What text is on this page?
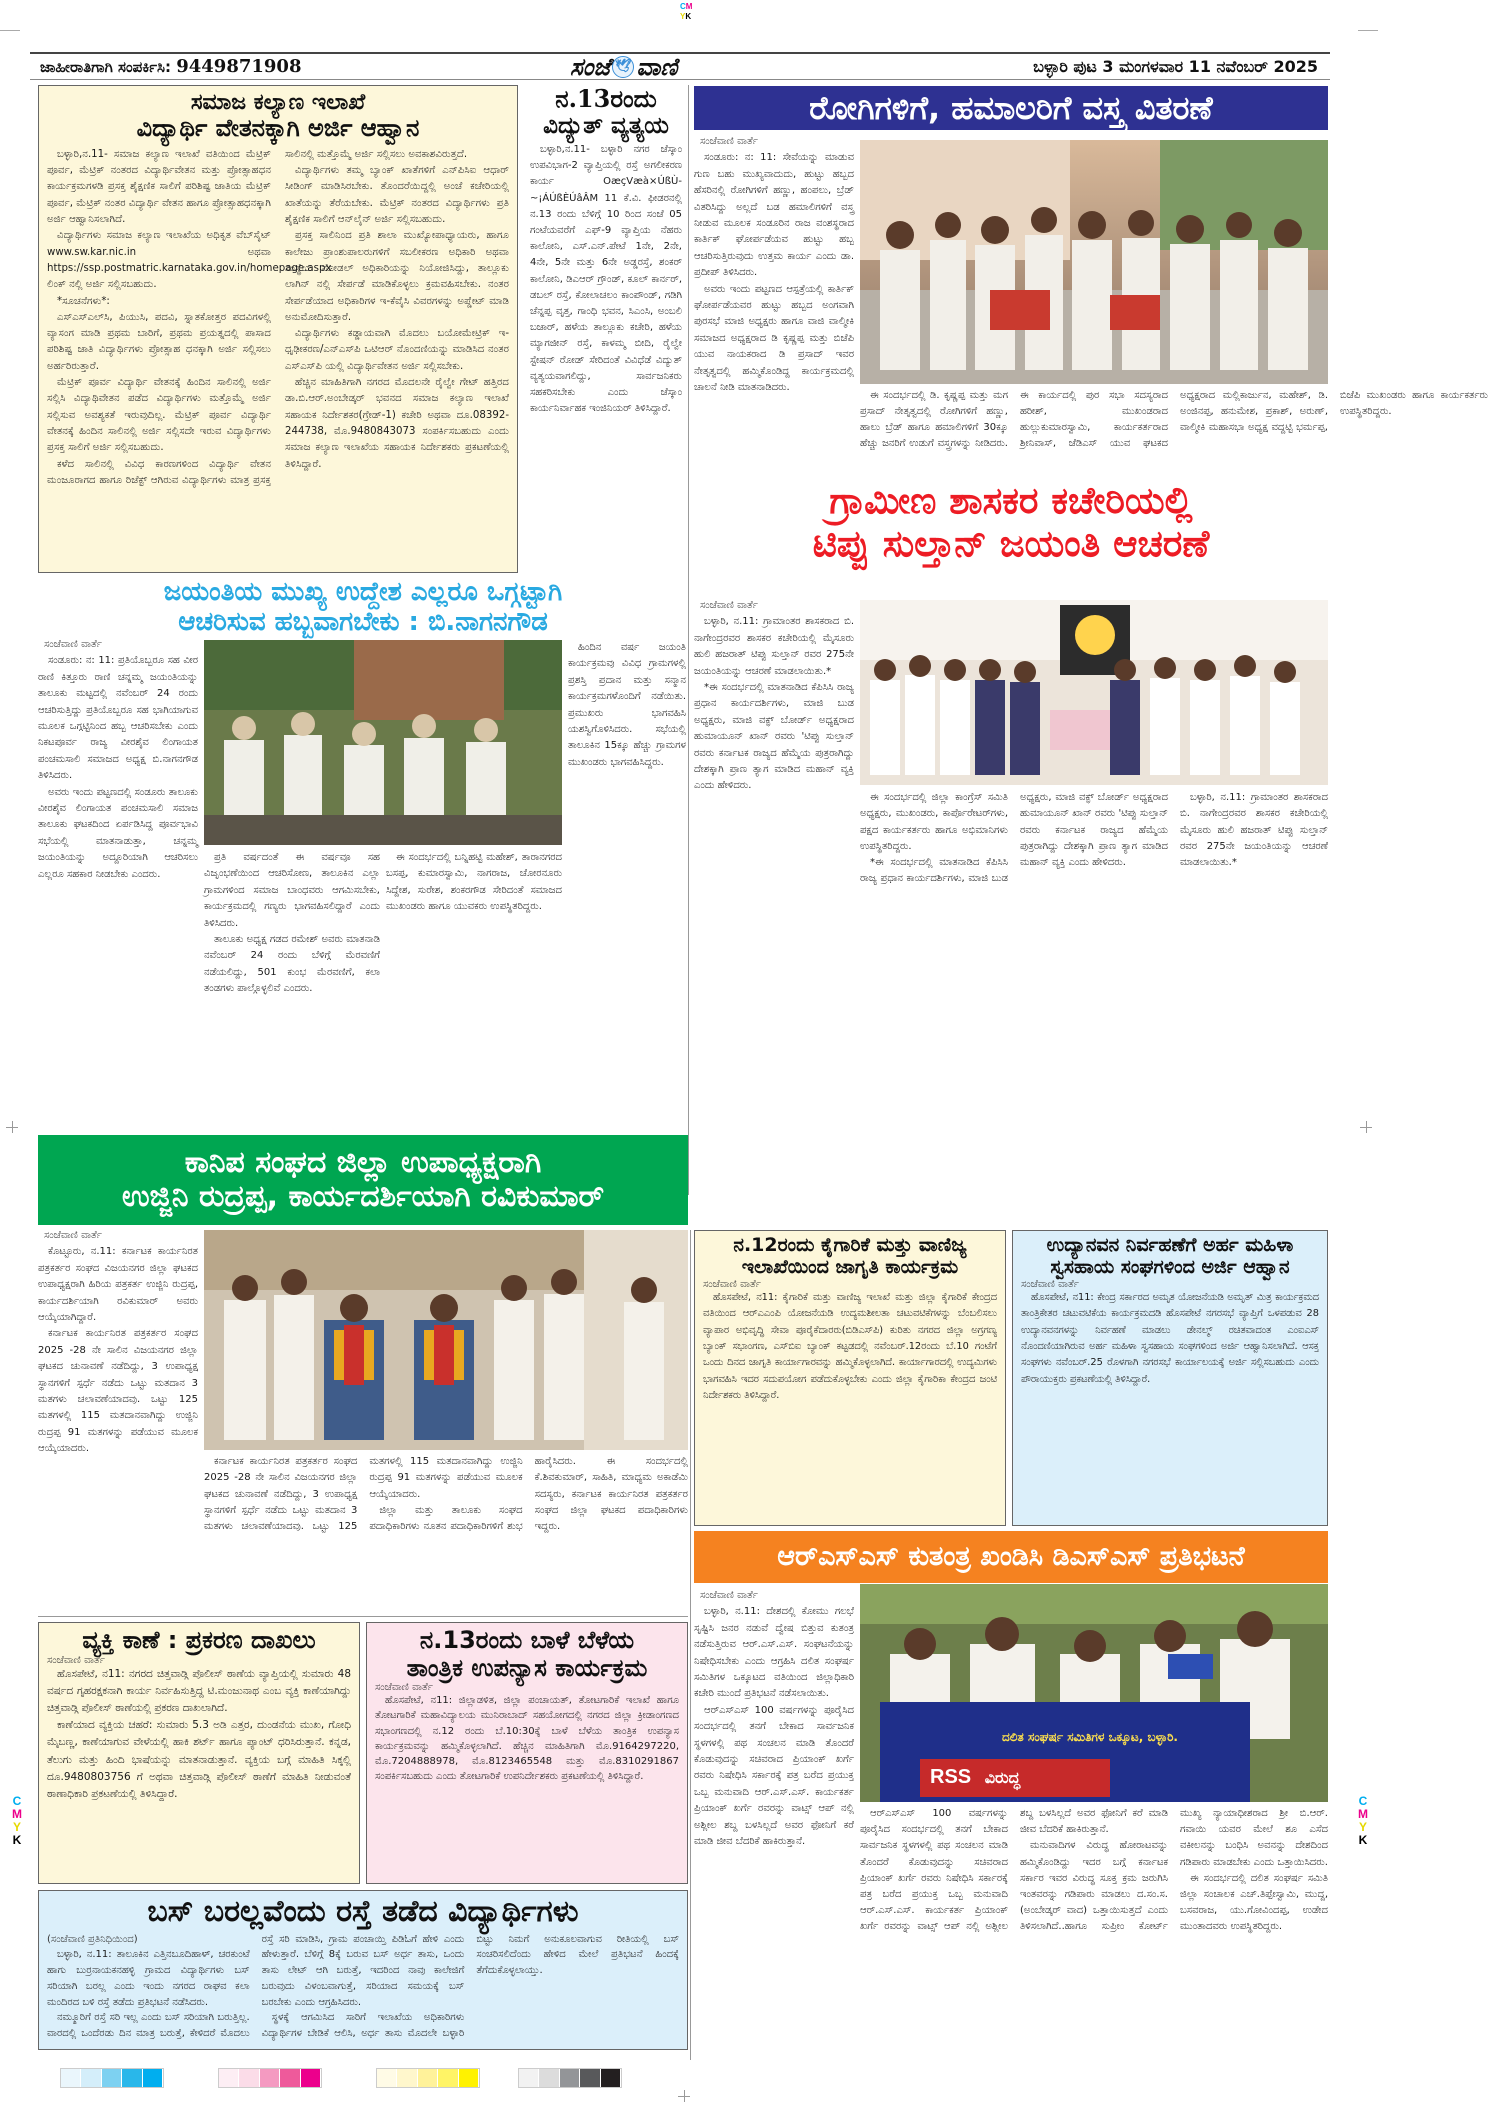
CM
YK
C
M
Y
K
C
M
Y
K
ಜಾಹೀರಾತಿಗಾಗಿ ಸಂಪರ್ಕಿಸಿ: 9449871908	ಸಂಜೆ 🕊 ವಾಣಿ	ಬಳ್ಳಾರಿ ಪುಟ 3 ಮಂಗಳವಾರ 11 ನವೆಂಬರ್ 2025
ಸಮಾಜ ಕಲ್ಯಾಣ ಇಲಾಖೆ
ವಿದ್ಯಾರ್ಥಿ ವೇತನಕ್ಕಾಗಿ ಅರ್ಜಿ ಆಹ್ವಾನ

ಬಳ್ಳಾರಿ,ನ.11- ಸಮಾಜ ಕಲ್ಯಾಣ ಇಲಾಖೆ ವತಿಯಿಂದ ಮೆಟ್ರಿಕ್ ಪೂರ್ವ, ಮೆಟ್ರಿಕ್ ನಂತರದ ವಿದ್ಯಾರ್ಥಿವೇತನ ಮತ್ತು ಪ್ರೋತ್ಸಾಹಧನ ಕಾರ್ಯಕ್ರಮಗಳಡಿ ಪ್ರಸಕ್ತ ಶೈಕ್ಷಣಿಕ ಸಾಲಿಗೆ ಪರಿಶಿಷ್ಟ ಜಾತಿಯ ಮೆಟ್ರಿಕ್ ಪೂರ್ವ, ಮೆಟ್ರಿಕ್ ನಂತರ ವಿದ್ಯಾರ್ಥಿ ವೇತನ ಹಾಗೂ ಪ್ರೋತ್ಸಾಹಧನಕ್ಕಾಗಿ ಅರ್ಜಿ ಆಹ್ವಾನಿಸಲಾಗಿದೆ.

ವಿದ್ಯಾರ್ಥಿಗಳು ಸಮಾಜ ಕಲ್ಯಾಣ ಇಲಾಖೆಯ ಅಧಿಕೃತ ವೆಬ್‌ಸೈಟ್ www.sw.kar.nic.in ಅಥವಾ https://ssp.postmatric.karnataka.gov.in/homepage.aspx ಲಿಂಕ್ ನಲ್ಲಿ ಅರ್ಜಿ ಸಲ್ಲಿಸಬಹುದು.

*ಸೂಚನೆಗಳು*:

ಎಸ್‌ಎಸ್‌ಎಲ್‌ಸಿ, ಪಿಯುಸಿ, ಪದವಿ, ಸ್ನಾತಕೋತ್ತರ ಪದವಿಗಳಲ್ಲಿ ವ್ಯಾಸಂಗ ಮಾಡಿ ಪ್ರಥಮ ಬಾರಿಗೆ, ಪ್ರಥಮ ಪ್ರಯತ್ನದಲ್ಲಿ ಪಾಸಾದ ಪರಿಶಿಷ್ಟ ಜಾತಿ ವಿದ್ಯಾರ್ಥಿಗಳು ಪ್ರೋತ್ಸಾಹ ಧನಕ್ಕಾಗಿ ಅರ್ಜಿ ಸಲ್ಲಿಸಲು ಅರ್ಹರಿರುತ್ತಾರೆ.

ಮೆಟ್ರಿಕ್ ಪೂರ್ವ ವಿದ್ಯಾರ್ಥಿ ವೇತನಕ್ಕೆ ಹಿಂದಿನ ಸಾಲಿನಲ್ಲಿ ಅರ್ಜಿ ಸಲ್ಲಿಸಿ ವಿದ್ಯಾಥಿವೇತನ ಪಡೆದ ವಿದ್ಯಾರ್ಥಿಗಳು ಮತ್ತೊಮ್ಮೆ ಅರ್ಜಿ ಸಲ್ಲಿಸುವ ಅವಶ್ಯಕತೆ ಇರುವುದಿಲ್ಲ. ಮೆಟ್ರಿಕ್ ಪೂರ್ವ ವಿದ್ಯಾರ್ಥಿ ವೇತನಕ್ಕೆ ಹಿಂದಿನ ಸಾಲಿನಲ್ಲಿ ಅರ್ಜಿ ಸಲ್ಲಿಸದೇ ಇರುವ ವಿದ್ಯಾರ್ಥಿಗಳು ಪ್ರಸಕ್ತ ಸಾಲಿಗೆ ಅರ್ಜಿ ಸಲ್ಲಿಸಬಹುದು.

ಕಳೆದ ಸಾಲಿನಲ್ಲಿ ವಿವಿಧ ಕಾರಣಗಳಿಂದ ವಿದ್ಯಾರ್ಥಿ ವೇತನ ಮಂಜೂರಾಗದ ಹಾಗೂ ರಿಜೆಕ್ಟ್ ಆಗಿರುವ ವಿದ್ಯಾರ್ಥಿಗಳು ಮಾತ್ರ ಪ್ರಸಕ್ತ ಸಾಲಿನಲ್ಲಿ ಮತ್ತೊಮ್ಮೆ ಅರ್ಜಿ ಸಲ್ಲಿಸಲು ಅವಕಾಶವಿರುತ್ತದೆ.

ವಿದ್ಯಾರ್ಥಿಗಳು ತಮ್ಮ ಬ್ಯಾಂಕ್ ಖಾತೆಗಳಿಗೆ ಎನ್‌ಪಿಸಿಐ ಆಧಾರ್ ಸೀಡಿಂಗ್ ಮಾಡಿಸಿರಬೇಕು. ತೊಂದರೆಯಿದ್ದಲ್ಲಿ ಅಂಚೆ ಕಚೇರಿಯಲ್ಲಿ ಖಾತೆಯನ್ನು ತೆರೆಯಬೇಕು. ಮೆಟ್ರಿಕ್ ನಂತರದ ವಿದ್ಯಾರ್ಥಿಗಳು ಪ್ರತಿ ಶೈಕ್ಷಣಿಕ ಸಾಲಿಗೆ ಆನ್‌ಲೈನ್ ಅರ್ಜಿ ಸಲ್ಲಿಸಬಹುದು.

ಪ್ರಸಕ್ತ ಸಾಲಿನಿಂದ ಪ್ರತಿ ಶಾಲಾ ಮುಖ್ಯೋಪಾಧ್ಯಾಯರು, ಹಾಗೂ ಕಾಲೇಜು ಪ್ರಾಂಶುಪಾಲರುಗಳಿಗೆ ಸಬಲೀಕರಣ ಅಧಿಕಾರಿ ಅಥವಾ ಸಂಸ್ಥೆಯ ನೋಡಲ್ ಅಧಿಕಾರಿಯನ್ನು ನಿಯೋಜಿಸಿದ್ದು, ತಾಲ್ಲೂಕು ಲಾಗಿನ್ ನಲ್ಲಿ ಸೇರ್ಪಡೆ ಮಾಡಿಕೊಳ್ಳಲು ಕ್ರಮವಹಿಸಬೇಕು. ನಂತರ ಸೇರ್ಪಡೆಯಾದ ಅಧಿಕಾರಿಗಳ ಇ-ಕೆವೈಸಿ ವಿವರಗಳನ್ನು ಅಪ್ಡೇಟ್ ಮಾಡಿ ಅನುಮೋದಿಸುತ್ತಾರೆ.

ವಿದ್ಯಾರ್ಥಿಗಳು ಕಡ್ಡಾಯವಾಗಿ ಮೊದಲು ಬಯೋಮೇಟ್ರಿಕ್ ಇ-ಧೃಢೀಕರಣ/ಎನ್‌ಎಸ್‌ಪಿ ಒಟಿಆರ್ ನೊಂದಣಿಯನ್ನು ಮಾಡಿಸಿದ ನಂತರ ಎಸ್‌ಎಸ್‌ಪಿ ಯಲ್ಲಿ ವಿದ್ಯಾರ್ಥಿವೇತನ ಅರ್ಜಿ ಸಲ್ಲಿಸಬೇಕು.

ಹೆಚ್ಚಿನ ಮಾಹಿತಿಗಾಗಿ ನಗರದ ಮೊದಲನೇ ರೈಲ್ವೇ ಗೇಟ್ ಹತ್ತಿರದ ಡಾ.ಬಿ.ಆರ್.ಅಂಬೇಡ್ಕರ್ ಭವನದ ಸಮಾಜ ಕಲ್ಯಾಣ ಇಲಾಖೆ ಸಹಾಯಕ ನಿರ್ದೇಶಕರ(ಗ್ರೇಡ್-1) ಕಚೇರಿ ಅಥವಾ ದೂ.08392-244738, ಮೊ.9480843073 ಸಂಪರ್ಕಿಸಬಹುದು ಎಂದು ಸಮಾಜ ಕಲ್ಯಾಣ ಇಲಾಖೆಯ ಸಹಾಯಕ ನಿರ್ದೇಶಕರು ಪ್ರಕಟಣೆಯಲ್ಲಿ ತಿಳಿಸಿದ್ದಾರೆ.

ನ.13ರಂದು
ವಿದ್ಯುತ್ ವ್ಯತ್ಯಯ

ಬಳ್ಳಾರಿ,ನ.11- ಬಳ್ಳಾರಿ ನಗರ ಜೆಸ್ಕಾಂ ಉಪವಿಭಾಗ-2 ವ್ಯಾಪ್ತಿಯಲ್ಲಿ ರಸ್ತೆ ಅಗಲೀಕರಣ ಕಾರ್ಯ OæçVæà×ÚßÙ-~¡ÁÚßÈÚâÂM 11 ಕೆ.ವಿ. ಫೀಡರನಲ್ಲಿ ನ.13 ರಂದು ಬೆಳಿಗ್ಗೆ 10 ರಿಂದ ಸಂಜೆ 05 ಗಂಟೆಯವರೆಗೆ ಎಫ್-9 ವ್ಯಾಪ್ತಿಯ ನೆಹರು ಕಾಲೋನಿ, ಎಸ್.ಎನ್.ಪೇಟೆ 1ನೇ, 2ನೇ, 4ನೇ, 5ನೇ ಮತ್ತು 6ನೇ ಅಡ್ಡರಸ್ತೆ, ಶಂಕರ್ ಕಾಲೋನಿ, ಡಿಎಆರ್ ಗ್ರೌಂಡ್, ಕೂಲ್ ಕಾರ್ನರ್, ಡಬಲ್ ರಸ್ತೆ, ಕೋಲಾಚಲಂ ಕಾಂಪೌಂಡ್, ಗಡಿಗಿ ಚೆನ್ನಪ್ಪ ವೃತ್ತ, ಗಾಂಧಿ ಭವನ, ಸಿಎಂಸಿ, ಅಂಬಲಿ ಬಜಾರ್, ಹಳೆಯ ತಾಲ್ಲೂಕು ಕಚೇರಿ, ಹಳೆಯ ಮ್ಯಾಗಜೀನ್ ರಸ್ತೆ, ಕಾಳಮ್ಮ ಬೀದಿ, ರೈಲ್ವೇ ಸ್ಟೇಷನ್ ರೋಡ್ ಸೇರಿದಂತೆ ವಿವಿಧೆಡೆ ವಿದ್ಯುತ್ ವ್ಯತ್ಯಯವಾಗಲಿದ್ದು, ಸಾರ್ವಜನಿಕರು ಸಹಕರಿಸಬೇಕು ಎಂದು ಜೆಸ್ಕಾಂ ಕಾರ್ಯನಿರ್ವಾಹಕ ಇಂಜಿನಿಯರ್ ತಿಳಿಸಿದ್ದಾರೆ.

ರೋಗಿಗಳಿಗೆ, ಹಮಾಲರಿಗೆ ವಸ್ತ್ರ ವಿತರಣೆ
ಸಂಜೆವಾಣಿ ವಾರ್ತೆ

ಸಂಡೂರು: ನ: 11: ಸೇವೆಯನ್ನು ಮಾಡುವ ಗುಣ ಬಹು ಮುಖ್ಯವಾದುದು, ಹುಟ್ಟು ಹಬ್ಬದ ಹೆಸರಿನಲ್ಲಿ ರೋಗಿಗಳಿಗೆ ಹಣ್ಣು, ಹಂಪಲು, ಬ್ರೆಡ್ ವಿತರಿಸಿದ್ದು ಅಲ್ಲದೆ ಬಡ ಹಮಾಲಿಗಳಿಗೆ ವಸ್ತ್ರ ನೀಡುವ ಮೂಲಕ ಸಂಡೂರಿನ ರಾಜ ವಂಶಸ್ಥರಾದ ಕಾರ್ತಿಕ್ ಘೋರ್ಪಡೆಯವ ಹುಟ್ಟು ಹಬ್ಬ ಆಚರಿಸುತ್ತಿರುವುದು ಉತ್ತಮ ಕಾರ್ಯ ಎಂದು ಡಾ. ಪ್ರದೀಪ್ ತಿಳಿಸಿದರು.

ಅವರು ಇಂದು ಪಟ್ಟಣದ ಆಸ್ಪತ್ರೆಯಲ್ಲಿ ಕಾರ್ತಿಕ್ ಘೋರ್ಪಡೆಯವರ ಹುಟ್ಟು ಹಬ್ಬದ ಅಂಗವಾಗಿ ಪುರಸಭೆ ಮಾಜಿ ಅಧ್ಯಕ್ಷರು ಹಾಗೂ ವಾಜಿ ವಾಲ್ಮೀಕಿ ಸಮಾಜದ ಅಧ್ಯಕ್ಷರಾದ ಡಿ ಕೃಷ್ಣಪ್ಪ ಮತ್ತು ಬಿಜೆಪಿ ಯುವ ನಾಯಕರಾದ ಡಿ ಪ್ರಸಾದ್ ಇವರ ನೇತೃತ್ವದಲ್ಲಿ ಹಮ್ಮಿಕೊಂಡಿದ್ದ ಕಾರ್ಯಕ್ರಮದಲ್ಲಿ ಚಾಲನೆ ನೀಡಿ ಮಾತನಾಡಿದರು.

ಈ ಸಂದರ್ಭದಲ್ಲಿ ಡಿ. ಕೃಷ್ಣಪ್ಪ ಮತ್ತು ಮಗ ಪ್ರಸಾದ್ ನೇತೃತ್ವದಲ್ಲಿ ರೋಗಿಗಳಿಗೆ ಹಣ್ಣು, ಹಾಲು ಬ್ರೆಡ್ ಹಾಗೂ ಹಮಾಲಿಗಳಿಗೆ 30ಕ್ಕೂ ಹೆಚ್ಚು ಜನರಿಗೆ ಉಡುಗೆ ವಸ್ತ್ರಗಳನ್ನು ನೀಡಿದರು. ಈ ಕಾರ್ಯದಲ್ಲಿ ಪುರ ಸಭಾ ಸದಸ್ಯರಾದ ಹರೀಶ್, ಮುಖಂಡರಾದ ಹುಲ್ಲುಕುಮಾರಸ್ವಾಮಿ, ಕಾರ್ಯಕರ್ತರಾದ ಶ್ರೀನಿವಾಸ್, ಜೆಡಿಎಸ್ ಯುವ ಘಟಕದ ಅಧ್ಯಕ್ಷರಾದ ಮಲ್ಲಿಕಾರ್ಜುನ, ಮಹೇಶ್, ಡಿ. ಅಂಜಿನಪ್ಪ, ಹನುಮೇಶ, ಪ್ರಕಾಶ್, ಅರುಣ್, ವಾಲ್ಮೀಕಿ ಮಹಾಸಭಾ ಅಧ್ಯಕ್ಷ ವದ್ದಟ್ಟಿ ಭರ್ಮಪ್ಪ, ಬಿಜೆಪಿ ಮುಖಂಡರು ಹಾಗೂ ಕಾರ್ಯಕರ್ತರು ಉಪಸ್ಥಿತರಿದ್ದರು.

ಗ್ರಾಮೀಣ ಶಾಸಕರ ಕಚೇರಿಯಲ್ಲಿ
ಟಿಪ್ಪು ಸುಲ್ತಾನ್ ಜಯಂತಿ ಆಚರಣೆ
ಸಂಜೆವಾಣಿ ವಾರ್ತೆ

ಬಳ್ಳಾರಿ, ನ.11: ಗ್ರಾಮಾಂತರ ಶಾಸಕರಾದ ಬಿ. ನಾಗೇಂದ್ರರವರ ಶಾಸಕರ ಕಚೇರಿಯಲ್ಲಿ ಮೈಸೂರು ಹುಲಿ ಹಜರಾತ್ ಟಿಪ್ಪು ಸುಲ್ತಾನ್ ರವರ 275ನೇ ಜಯಂತಿಯನ್ನು ಆಚರಣೆ ಮಾಡಲಾಯಿತು.*

*ಈ ಸಂದರ್ಭದಲ್ಲಿ ಮಾತನಾಡಿದ ಕೆಪಿಸಿಸಿ ರಾಜ್ಯ ಪ್ರಧಾನ ಕಾರ್ಯದರ್ಶಿಗಳು, ಮಾಜಿ ಬುಡ ಅಧ್ಯಕ್ಷರು, ಮಾಜಿ ವಕ್ಫ್ ಬೋರ್ಡ್ ಅಧ್ಯಕ್ಷರಾದ ಹುಮಾಯೂನ್ ಖಾನ್ ರವರು 'ಟಿಪ್ಪು ಸುಲ್ತಾನ್ ರವರು ಕರ್ನಾಟಕ ರಾಜ್ಯದ ಹೆಮ್ಮೆಯ ಪುತ್ರರಾಗಿದ್ದು ದೇಶಕ್ಕಾಗಿ ಪ್ರಾಣ ತ್ಯಾಗ ಮಾಡಿದ ಮಹಾನ್ ವ್ಯಕ್ತಿ ಎಂದು ಹೇಳಿದರು.

ಈ ಸಂದರ್ಭದಲ್ಲಿ ಜಿಲ್ಲಾ ಕಾಂಗ್ರೆಸ್ ಸಮಿತಿ ಅಧ್ಯಕ್ಷರು, ಮುಖಂಡರು, ಕಾರ್ಪೊರೇಟರ್‌ಗಳು, ಪಕ್ಷದ ಕಾರ್ಯಕರ್ತರು ಹಾಗೂ ಅಭಿಮಾನಿಗಳು ಉಪಸ್ಥಿತರಿದ್ದರು.

*ಈ ಸಂದರ್ಭದಲ್ಲಿ ಮಾತನಾಡಿದ ಕೆಪಿಸಿಸಿ ರಾಜ್ಯ ಪ್ರಧಾನ ಕಾರ್ಯದರ್ಶಿಗಳು, ಮಾಜಿ ಬುಡ ಅಧ್ಯಕ್ಷರು, ಮಾಜಿ ವಕ್ಫ್ ಬೋರ್ಡ್ ಅಧ್ಯಕ್ಷರಾದ ಹುಮಾಯೂನ್ ಖಾನ್ ರವರು 'ಟಿಪ್ಪು ಸುಲ್ತಾನ್ ರವರು ಕರ್ನಾಟಕ ರಾಜ್ಯದ ಹೆಮ್ಮೆಯ ಪುತ್ರರಾಗಿದ್ದು ದೇಶಕ್ಕಾಗಿ ಪ್ರಾಣ ತ್ಯಾಗ ಮಾಡಿದ ಮಹಾನ್ ವ್ಯಕ್ತಿ ಎಂದು ಹೇಳಿದರು.

ಬಳ್ಳಾರಿ, ನ.11: ಗ್ರಾಮಾಂತರ ಶಾಸಕರಾದ ಬಿ. ನಾಗೇಂದ್ರರವರ ಶಾಸಕರ ಕಚೇರಿಯಲ್ಲಿ ಮೈಸೂರು ಹುಲಿ ಹಜರಾತ್ ಟಿಪ್ಪು ಸುಲ್ತಾನ್ ರವರ 275ನೇ ಜಯಂತಿಯನ್ನು ಆಚರಣೆ ಮಾಡಲಾಯಿತು.*

ಜಯಂತಿಯ ಮುಖ್ಯ ಉದ್ದೇಶ ಎಲ್ಲರೂ ಒಗ್ಗಟ್ಟಾಗಿ
ಆಚರಿಸುವ ಹಬ್ಬವಾಗಬೇಕು : ಬಿ.ನಾಗನಗೌಡ
ಸಂಜೆವಾಣಿ ವಾರ್ತೆ

ಸಂಡೂರು: ನ: 11: ಪ್ರತಿಯೊಬ್ಬರೂ ಸಹ ವೀರ ರಾಣಿ ಕಿತ್ತೂರು ರಾಣಿ ಚನ್ನಮ್ಮ ಜಯಂತಿಯನ್ನು ತಾಲೂಕು ಮಟ್ಟದಲ್ಲಿ ನವೆಂಬರ್ 24 ರಂದು ಆಚರಿಸುತ್ತಿದ್ದು ಪ್ರತಿಯೊಬ್ಬರೂ ಸಹ ಭಾಗಿಯಾಗುವ ಮೂಲಕ ಒಗ್ಗಟ್ಟಿನಿಂದ ಹಬ್ಬ ಆಚರಿಸಬೇಕು ಎಂದು ನಿಕಟಪೂರ್ವ ರಾಜ್ಯ ವೀರಶೈವ ಲಿಂಗಾಯತ ಪಂಚಮಸಾಲಿ ಸಮಾಜದ ಅಧ್ಯಕ್ಷ ಬಿ.ನಾಗನಗೌಡ ತಿಳಿಸಿದರು.

ಅವರು ಇಂದು ಪಟ್ಟಣದಲ್ಲಿ ಸಂಡೂರು ತಾಲೂಕು ವೀರಶೈವ ಲಿಂಗಾಯತ ಪಂಚಮಸಾಲಿ ಸಮಾಜ ತಾಲೂಕು ಘಟಕದಿಂದ ಏರ್ಪಡಿಸಿದ್ದ ಪೂರ್ವಭಾವಿ ಸಭೆಯಲ್ಲಿ ಮಾತನಾಡುತ್ತಾ, ಚನ್ನಮ್ಮ ಜಯಂತಿಯನ್ನು ಅದ್ದೂರಿಯಾಗಿ ಆಚರಿಸಲು ಎಲ್ಲರೂ ಸಹಕಾರ ನೀಡಬೇಕು ಎಂದರು.

ಪ್ರತಿ ವರ್ಷದಂತೆ ಈ ವರ್ಷವೂ ಸಹ ವಿಜೃಂಭಣೆಯಿಂದ ಆಚರಿಸೋಣ, ತಾಲೂಕಿನ ಎಲ್ಲಾ ಗ್ರಾಮಗಳಿಂದ ಸಮಾಜ ಬಾಂಧವರು ಆಗಮಿಸಬೇಕು, ಕಾರ್ಯಕ್ರಮದಲ್ಲಿ ಗಣ್ಯರು ಭಾಗವಹಿಸಲಿದ್ದಾರೆ ಎಂದು ತಿಳಿಸಿದರು.

ತಾಲೂಕು ಅಧ್ಯಕ್ಷ ಗಡದ ರಮೇಶ್ ಅವರು ಮಾತನಾಡಿ ನವೆಂಬರ್ 24 ರಂದು ಬೆಳಿಗ್ಗೆ ಮೆರವಣಿಗೆ ನಡೆಯಲಿದ್ದು, 501 ಕುಂಭ ಮೆರವಣಿಗೆ, ಕಲಾ ತಂಡಗಳು ಪಾಲ್ಗೊಳ್ಳಲಿವೆ ಎಂದರು.

ಈ ಸಂದರ್ಭದಲ್ಲಿ ಬನ್ನಿಹಟ್ಟಿ ಮಹೇಶ್, ತಾರಾನಗರದ ಬಸಪ್ಪ, ಕುಮಾರಸ್ವಾಮಿ, ನಾಗರಾಜ, ಚೋರನೂರು ಸಿದ್ದೇಶ, ಸುರೇಶ, ಶಂಕರಗೌಡ ಸೇರಿದಂತೆ ಸಮಾಜದ ಮುಖಂಡರು ಹಾಗೂ ಯುವಕರು ಉಪಸ್ಥಿತರಿದ್ದರು.

ಹಿಂದಿನ ವರ್ಷ ಜಯಂತಿ ಕಾರ್ಯಕ್ರಮವು ವಿವಿಧ ಗ್ರಾಮಗಳಲ್ಲಿ ಪ್ರಶಸ್ತಿ ಪ್ರದಾನ ಮತ್ತು ಸನ್ಮಾನ ಕಾರ್ಯಕ್ರಮಗಳೊಂದಿಗೆ ನಡೆಯಿತು. ಪ್ರಮುಖರು ಭಾಗವಹಿಸಿ ಯಶಸ್ವಿಗೊಳಿಸಿದರು. ಸಭೆಯಲ್ಲಿ ತಾಲೂಕಿನ 15ಕ್ಕೂ ಹೆಚ್ಚು ಗ್ರಾಮಗಳ ಮುಖಂಡರು ಭಾಗವಹಿಸಿದ್ದರು.

ಕಾನಿಪ ಸಂಘದ ಜಿಲ್ಲಾ ಉಪಾಧ್ಯಕ್ಷರಾಗಿ
ಉಜ್ಜಿನಿ ರುದ್ರಪ್ಪ, ಕಾರ್ಯದರ್ಶಿಯಾಗಿ ರವಿಕುಮಾರ್
ಸಂಜೆವಾಣಿ ವಾರ್ತೆ

ಕೊಟ್ಟೂರು, ನ.11: ಕರ್ನಾಟಕ ಕಾರ್ಯನಿರತ ಪತ್ರಕರ್ತರ ಸಂಘದ ವಿಜಯನಗರ ಜಿಲ್ಲಾ ಘಟಕದ ಉಪಾಧ್ಯಕ್ಷರಾಗಿ ಹಿರಿಯ ಪತ್ರಕರ್ತ ಉಜ್ಜಿನಿ ರುದ್ರಪ್ಪ, ಕಾರ್ಯದರ್ಶಿಯಾಗಿ ರವಿಕುಮಾರ್ ಅವರು ಆಯ್ಕೆಯಾಗಿದ್ದಾರೆ.

ಕರ್ನಾಟಕ ಕಾರ್ಯನಿರತ ಪತ್ರಕರ್ತರ ಸಂಘದ 2025 -28 ನೇ ಸಾಲಿನ ವಿಜಯನಗರ ಜಿಲ್ಲಾ ಘಟಕದ ಚುನಾವಣೆ ನಡೆದಿದ್ದು, 3 ಉಪಾಧ್ಯಕ್ಷ ಸ್ಥಾನಗಳಿಗೆ ಸ್ಪರ್ಧೆ ನಡೆದು ಒಟ್ಟು ಮತದಾನ 3 ಮತಗಳು ಚಲಾವಣೆಯಾದವು. ಒಟ್ಟು 125 ಮತಗಳಲ್ಲಿ 115 ಮತದಾನವಾಗಿದ್ದು ಉಜ್ಜಿನಿ ರುದ್ರಪ್ಪ 91 ಮತಗಳನ್ನು ಪಡೆಯುವ ಮೂಲಕ ಆಯ್ಕೆಯಾದರು.

ಕರ್ನಾಟಕ ಕಾರ್ಯನಿರತ ಪತ್ರಕರ್ತರ ಸಂಘದ 2025 -28 ನೇ ಸಾಲಿನ ವಿಜಯನಗರ ಜಿಲ್ಲಾ ಘಟಕದ ಚುನಾವಣೆ ನಡೆದಿದ್ದು, 3 ಉಪಾಧ್ಯಕ್ಷ ಸ್ಥಾನಗಳಿಗೆ ಸ್ಪರ್ಧೆ ನಡೆದು ಒಟ್ಟು ಮತದಾನ 3 ಮತಗಳು ಚಲಾವಣೆಯಾದವು. ಒಟ್ಟು 125 ಮತಗಳಲ್ಲಿ 115 ಮತದಾನವಾಗಿದ್ದು ಉಜ್ಜಿನಿ ರುದ್ರಪ್ಪ 91 ಮತಗಳನ್ನು ಪಡೆಯುವ ಮೂಲಕ ಆಯ್ಕೆಯಾದರು.

ಜಿಲ್ಲಾ ಮತ್ತು ತಾಲೂಕು ಸಂಘದ ಪದಾಧಿಕಾರಿಗಳು ನೂತನ ಪದಾಧಿಕಾರಿಗಳಿಗೆ ಶುಭ ಹಾರೈಸಿದರು. ಈ ಸಂದರ್ಭದಲ್ಲಿ ಕೆ.ಶಿವಕುಮಾರ್, ಸಾಹಿತಿ, ಮಾಧ್ಯಮ ಅಕಾಡೆಮಿ ಸದಸ್ಯರು, ಕರ್ನಾಟಕ ಕಾರ್ಯನಿರತ ಪತ್ರಕರ್ತರ ಸಂಘದ ಜಿಲ್ಲಾ ಘಟಕದ ಪದಾಧಿಕಾರಿಗಳು ಇದ್ದರು.

ವ್ಯಕ್ತಿ ಕಾಣೆ : ಪ್ರಕರಣ ದಾಖಲು
ಸಂಜೆವಾಣಿ ವಾರ್ತೆ

ಹೊಸಪೇಟೆ, ನ11: ನಗರದ ಚಿತ್ತವಾಡ್ಗಿ ಪೊಲೀಸ್ ಠಾಣೆಯ ವ್ಯಾಪ್ತಿಯಲ್ಲಿ ಸುಮಾರು 48 ವರ್ಷದ ಗೃಹರಕ್ಷಕನಾಗಿ ಕಾರ್ಯ ನಿರ್ವಹಿಸುತ್ತಿದ್ದ ಟಿ.ಮಂಜುನಾಥ ಎಂಬ ವ್ಯಕ್ತಿ ಕಾಣೆಯಾಗಿದ್ದು ಚಿತ್ತವಾಡ್ಗಿ ಪೊಲೀಸ್ ಠಾಣೆಯಲ್ಲಿ ಪ್ರಕರಣ ದಾಖಲಾಗಿದೆ.

ಕಾಣೆಯಾದ ವ್ಯಕ್ತಿಯ ಚಹರೆ: ಸುಮಾರು 5.3 ಅಡಿ ಎತ್ತರ, ದುಂಡನೆಯ ಮುಖ, ಗೋಧಿ ಮೈಬಣ್ಣ, ಕಾಣೆಯಾಗುವ ವೇಳೆಯಲ್ಲಿ ಹಾಕಿ ಶರ್ಟ್ ಹಾಗೂ ಪ್ಯಾಂಟ್ ಧರಿಸಿರುತ್ತಾನೆ. ಕನ್ನಡ, ತೆಲುಗು ಮತ್ತು ಹಿಂದಿ ಭಾಷೆಯನ್ನು ಮಾತನಾಡುತ್ತಾನೆ. ವ್ಯಕ್ತಿಯ ಬಗ್ಗೆ ಮಾಹಿತಿ ಸಿಕ್ಕಲ್ಲಿ ದೂ.9480803756 ಗೆ ಅಥವಾ ಚಿತ್ತವಾಡ್ಗಿ ಪೊಲೀಸ್ ಠಾಣೆಗೆ ಮಾಹಿತಿ ನೀಡುವಂತೆ ಠಾಣಾಧಿಕಾರಿ ಪ್ರಕಟಣೆಯಲ್ಲಿ ತಿಳಿಸಿದ್ದಾರೆ.

ನ.13ರಂದು ಬಾಳೆ ಬೆಳೆಯ
ತಾಂತ್ರಿಕ ಉಪನ್ಯಾಸ ಕಾರ್ಯಕ್ರಮ
ಸಂಜೆವಾಣಿ ವಾರ್ತೆ

ಹೊಸಪೇಟೆ, ನ11: ಜಿಲ್ಲಾಡಳಿತ, ಜಿಲ್ಲಾ ಪಂಚಾಯತ್, ತೋಟಗಾರಿಕೆ ಇಲಾಖೆ ಹಾಗೂ ತೋಟಗಾರಿಕೆ ಮಹಾವಿದ್ಯಾಲಯ ಮುನಿರಾಬಾದ್ ಸಹಯೋಗದಲ್ಲಿ ನಗರದ ಜಿಲ್ಲಾ ಕ್ರೀಡಾಂಗಣದ ಸಭಾಂಗಣದಲ್ಲಿ ನ.12 ರಂದು ಬೆ.10:30ಕ್ಕೆ ಬಾಳೆ ಬೆಳೆಯ ತಾಂತ್ರಿಕ ಉಪನ್ಯಾಸ ಕಾರ್ಯಕ್ರಮವನ್ನು ಹಮ್ಮಿಕೊಳ್ಳಲಾಗಿದೆ. ಹೆಚ್ಚಿನ ಮಾಹಿತಿಗಾಗಿ ಮೊ.9164297220, ಮೊ.7204888978, ಮೊ.8123465548 ಮತ್ತು ಮೊ.8310291867 ಸಂಪರ್ಕಿಸಬಹುದು ಎಂದು ತೋಟಗಾರಿಕೆ ಉಪನಿರ್ದೇಶಕರು ಪ್ರಕಟಣೆಯಲ್ಲಿ ತಿಳಿಸಿದ್ದಾರೆ.

ಬಸ್ ಬರಲ್ಲವೆಂದು ರಸ್ತೆ ತಡೆದ ವಿದ್ಯಾರ್ಥಿಗಳು
(ಸಂಜೆವಾಣಿ ಪ್ರತಿನಿಧಿಯಿಂದ)

ಬಳ್ಳಾರಿ, ನ.11: ತಾಲೂಕಿನ ಎತ್ತಿನಬೂದಿಹಾಳ್, ಚರಕುಂಟೆ ಹಾಗು ಬುರ್ರನಾಯಕನಹಳ್ಳಿ ಗ್ರಾಮದ ವಿದ್ಯಾರ್ಥಿಗಳು ಬಸ್ ಸರಿಯಾಗಿ ಬರಲ್ಲ ಎಂದು ಇಂದು ನಗರದ ರಾಘವ ಕಲಾ ಮಂದಿರದ ಬಳಿ ರಸ್ತೆ ತಡೆದು ಪ್ರತಿಭಟನೆ ನಡೆಸಿದರು.

ನಮ್ಮೂರಿಗೆ ರಸ್ತೆ ಸರಿ ಇಲ್ಲ ಎಂದು ಬಸ್ ಸರಿಯಾಗಿ ಬರುತ್ತಿಲ್ಲ. ವಾರದಲ್ಲಿ ಒಂದೆರಡು ದಿನ ಮಾತ್ರ ಬರುತ್ತೆ, ಕೇಳಿದರೆ ಮೊದಲು ರಸ್ತೆ ಸರಿ ಮಾಡಿಸಿ, ಗ್ರಾಮ ಪಂಚಾಯ್ತಿ ಪಿಡಿಓಗೆ ಹೇಳಿ ಎಂದು ಹೇಳುತ್ತಾರೆ. ಬೆಳಿಗ್ಗೆ 8ಕ್ಕೆ ಬರುವ ಬಸ್ ಅರ್ಧ ತಾಸು, ಒಂದು ತಾಸು ಲೇಟ್ ಆಗಿ ಬರುತ್ತೆ, ಇದರಿಂದ ನಾವು ಕಾಲೇಜಿಗೆ ಬರುವುದು ವಿಳಂಬವಾಗುತ್ತೆ, ಸರಿಯಾದ ಸಮಯಕ್ಕೆ ಬಸ್ ಬರಬೇಕು ಎಂದು ಆಗ್ರಹಿಸಿದರು.

ಸ್ಥಳಕ್ಕೆ ಆಗಮಿಸಿದ ಸಾರಿಗೆ ಇಲಾಖೆಯ ಅಧಿಕಾರಿಗಳು ವಿದ್ಯಾರ್ಥಿಗಳ ಬೇಡಿಕೆ ಆಲಿಸಿ, ಅರ್ಧ ತಾಸು ಮೊದಲೇ ಬಳ್ಳಾರಿ ಬಿಟ್ಟು ನಿಮಗೆ ಅನುಕೂಲವಾಗುವ ರೀತಿಯಲ್ಲಿ ಬಸ್ ಸಂಚರಿಸಲಿದೆಂದು ಹೇಳಿದ ಮೇಲೆ ಪ್ರತಿಭಟನೆ ಹಿಂದಕ್ಕೆ ತೆಗೆದುಕೊಳ್ಳಲಾಯ್ತು.

ನ.12ರಂದು ಕೈಗಾರಿಕೆ ಮತ್ತು ವಾಣಿಜ್ಯ
ಇಲಾಖೆಯಿಂದ ಜಾಗೃತಿ ಕಾರ್ಯಕ್ರಮ
ಸಂಜೆವಾಣಿ ವಾರ್ತೆ

ಹೊಸಪೇಟೆ, ನ11: ಕೈಗಾರಿಕೆ ಮತ್ತು ವಾಣಿಜ್ಯ ಇಲಾಖೆ ಮತ್ತು ಜಿಲ್ಲಾ ಕೈಗಾರಿಕೆ ಕೇಂದ್ರದ ವತಿಯಿಂದ ಆರ್‌ಎಎಂಪಿ ಯೋಜನೆಯಡಿ ಉದ್ಯಮಶೀಲತಾ ಚಟುವಟಿಕೆಗಳನ್ನು ಬೆಂಬಲಿಸಲು ವ್ಯಾಪಾರ ಅಭಿವೃದ್ಧಿ ಸೇವಾ ಪೂರೈಕೆದಾರರು(ಬಿಡಿಎಸ್‌ಪಿ) ಕುರಿತು ನಗರದ ಜಿಲ್ಲಾ ಅಗ್ರಗಣ್ಯ ಬ್ಯಾಂಕ್ ಸಭಾಂಗಣ, ಎಸ್‌ಬಿಐ ಬ್ಯಾಂಕ್ ಕಟ್ಟಡದಲ್ಲಿ ನವೆಂಬರ್.12ರಂದು ಬೆ.10 ಗಂಟೆಗೆ ಒಂದು ದಿನದ ಜಾಗೃತಿ ಕಾರ್ಯಾಗಾರವನ್ನು ಹಮ್ಮಿಕೊಳ್ಳಲಾಗಿದೆ. ಕಾರ್ಯಾಗಾರದಲ್ಲಿ ಉದ್ಯಮಿಗಳು ಭಾಗವಹಿಸಿ ಇದರ ಸದುಪಯೋಗ ಪಡೆದುಕೊಳ್ಳಬೇಕು ಎಂದು ಜಿಲ್ಲಾ ಕೈಗಾರಿಕಾ ಕೇಂದ್ರದ ಜಂಟಿ ನಿರ್ದೇಶಕರು ತಿಳಿಸಿದ್ದಾರೆ.

ಉದ್ಯಾನವನ ನಿರ್ವಹಣೆಗೆ ಅರ್ಹ ಮಹಿಳಾ
ಸ್ವಸಹಾಯ ಸಂಘಗಳಿಂದ ಅರ್ಜಿ ಆಹ್ವಾನ
ಸಂಜೆವಾಣಿ ವಾರ್ತೆ

ಹೊಸಪೇಟೆ, ನ11: ಕೇಂದ್ರ ಸರ್ಕಾರದ ಅಮೃತ ಯೋಜನೆಯಡಿ ಅಮೃತ್ ಮಿತ್ರ ಕಾರ್ಯಕ್ರಮದ ತಾಂತ್ರಿಕೇತರ ಚಟುವಟಿಕೆಯ ಕಾರ್ಯಕ್ರಮದಡಿ ಹೊಸಪೇಟೆ ನಗರಸಭೆ ವ್ಯಾಪ್ತಿಗೆ ಒಳಪಡುವ 28 ಉದ್ಯಾನವನಗಳನ್ನು ನಿರ್ವಹಣೆ ಮಾಡಲು ಡೇನಲ್ಮ್ ರಚಿತವಾದಂತ ಎಂಐಎಸ್ ನೊಂದಣಿಯಾಗಿರುವ ಅರ್ಹ ಮಹಿಳಾ ಸ್ವಸಹಾಯ ಸಂಘಗಳಿಂದ ಅರ್ಜಿ ಆಹ್ವಾನಿಸಲಾಗಿದೆ. ಆಸಕ್ತ ಸಂಘಗಳು ನವೆಂಬರ್.25 ರೊಳಗಾಗಿ ನಗರಸಭೆ ಕಾರ್ಯಾಲಯಕ್ಕೆ ಅರ್ಜಿ ಸಲ್ಲಿಸಬಹುದು ಎಂದು ಪೌರಾಯುಕ್ತರು ಪ್ರಕಟಣೆಯಲ್ಲಿ ತಿಳಿಸಿದ್ದಾರೆ.

ಆರ್‌ಎಸ್‌ಎಸ್ ಕುತಂತ್ರ ಖಂಡಿಸಿ ಡಿಎಸ್‌ಎಸ್ ಪ್ರತಿಭಟನೆ
ಸಂಜೆವಾಣಿ ವಾರ್ತೆ

ಬಳ್ಳಾರಿ, ನ.11: ದೇಶದಲ್ಲಿ ಕೋಮು ಗಲಭೆ ಸೃಷ್ಟಿಸಿ ಜನರ ನಡುವೆ ದ್ವೇಷ ಬಿತ್ತುವ ಕುತಂತ್ರ ನಡೆಸುತ್ತಿರುವ ಆರ್.ಎಸ್.ಎಸ್. ಸಂಘಟನೆಯನ್ನು ನಿಷೇಧಿಸಬೇಕು ಎಂದು ಆಗ್ರಹಿಸಿ ದಲಿತ ಸಂಘರ್ಷ ಸಮಿತಿಗಳ ಒಕ್ಕೂಟದ ವತಿಯಿಂದ ಜಿಲ್ಲಾಧಿಕಾರಿ ಕಚೇರಿ ಮುಂದೆ ಪ್ರತಿಭಟನೆ ನಡೆಸಲಾಯಿತು.

ಆರ್‌ಎಸ್‌ಎಸ್ 100 ವರ್ಷಗಳನ್ನು ಪೂರೈಸಿದ ಸಂದರ್ಭದಲ್ಲಿ ತನಗೆ ಬೇಕಾದ ಸಾರ್ವಜನಿಕ ಸ್ಥಳಗಳಲ್ಲಿ ಪಥ ಸಂಚಲನ ಮಾಡಿ ತೊಂದರೆ ಕೊಡುವುದನ್ನು ಸಚಿವರಾದ ಪ್ರಿಯಾಂಕ್ ಖರ್ಗೆ ರವರು ನಿಷೇಧಿಸಿ ಸರ್ಕಾರಕ್ಕೆ ಪತ್ರ ಬರೆದ ಪ್ರಯುಕ್ತ ಒಬ್ಬ ಮನುವಾದಿ ಆರ್.ಎಸ್.ಎಸ್. ಕಾರ್ಯಕರ್ತ ಪ್ರಿಯಾಂಕ್ ಖರ್ಗೆ ರವರನ್ನು ವಾಟ್ಸ್ ಆಪ್ ನಲ್ಲಿ ಅಶ್ಲೀಲ ಶಬ್ದ ಬಳಸಿಲ್ಲದೆ ಅವರ ಫೋನಿಗೆ ಕರೆ ಮಾಡಿ ಜೀವ ಬೆದರಿಕೆ ಹಾಕಿರುತ್ತಾನೆ.

ದಲಿತ ಸಂಘರ್ಷ ಸಮಿತಿಗಳ ಒಕ್ಕೂಟ, ಬಳ್ಳಾರಿ.
RSS ವಿರುದ್ಧ

ಆರ್‌ಎಸ್‌ಎಸ್ 100 ವರ್ಷಗಳನ್ನು ಪೂರೈಸಿದ ಸಂದರ್ಭದಲ್ಲಿ ತನಗೆ ಬೇಕಾದ ಸಾರ್ವಜನಿಕ ಸ್ಥಳಗಳಲ್ಲಿ ಪಥ ಸಂಚಲನ ಮಾಡಿ ತೊಂದರೆ ಕೊಡುವುದನ್ನು ಸಚಿವರಾದ ಪ್ರಿಯಾಂಕ್ ಖರ್ಗೆ ರವರು ನಿಷೇಧಿಸಿ ಸರ್ಕಾರಕ್ಕೆ ಪತ್ರ ಬರೆದ ಪ್ರಯುಕ್ತ ಒಬ್ಬ ಮನುವಾದಿ ಆರ್.ಎಸ್.ಎಸ್. ಕಾರ್ಯಕರ್ತ ಪ್ರಿಯಾಂಕ್ ಖರ್ಗೆ ರವರನ್ನು ವಾಟ್ಸ್ ಆಪ್ ನಲ್ಲಿ ಅಶ್ಲೀಲ ಶಬ್ದ ಬಳಸಿಲ್ಲದೆ ಅವರ ಫೋನಿಗೆ ಕರೆ ಮಾಡಿ ಜೀವ ಬೆದರಿಕೆ ಹಾಕಿರುತ್ತಾನೆ.

ಮನುವಾದಿಗಳ ವಿರುದ್ಧ ಹೋರಾಟವನ್ನು ಹಮ್ಮಿಕೊಂಡಿದ್ದು ಇದರ ಬಗ್ಗೆ ಕರ್ನಾಟಕ ಸರ್ಕಾರ ಇವರ ವಿರುದ್ಧ ಸೂಕ್ತ ಕ್ರಮ ಜರುಗಿಸಿ ಇಂತವರನ್ನು ಗಡಿಪಾರು ಮಾಡಲು ದ.ಸಂ.ಸ. (ಅಂಬೇಡ್ಕರ್ ವಾದ) ಒತ್ತಾಯಿಸುತ್ತದೆ ಎಂದು ತಿಳಿಸಲಾಗಿದೆ..ಹಾಗೂ ಸುಪ್ರೀಂ ಕೋರ್ಟ್ ಮುಖ್ಯ ನ್ಯಾಯಾಧೀಶರಾದ ಶ್ರೀ ಬಿ.ಆರ್. ಗವಾಯಿ ಯವರ ಮೇಲೆ ಶೂ ಎಸೆದ ವಕೀಲನನ್ನು ಬಂಧಿಸಿ ಅವನನ್ನು ದೇಶದಿಂದ ಗಡಿಪಾರು ಮಾಡಬೇಕು ಎಂದು ಒತ್ತಾಯಿಸಿದರು.

ಈ ಸಂದರ್ಭದಲ್ಲಿ ದಲಿತ ಸಂಘರ್ಷ ಸಮಿತಿ ಜಿಲ್ಲಾ ಸಂಚಾಲಕ ಎಚ್.ತಿಪ್ಪೇಸ್ವಾಮಿ, ಮುದ್ದ, ಬಸವರಾಜ, ಯು.ಗೋವಿಂದಪ್ಪ, ಉಡೇದ ಮುಂತಾದವರು ಉಪಸ್ಥಿತರಿದ್ದರು.
